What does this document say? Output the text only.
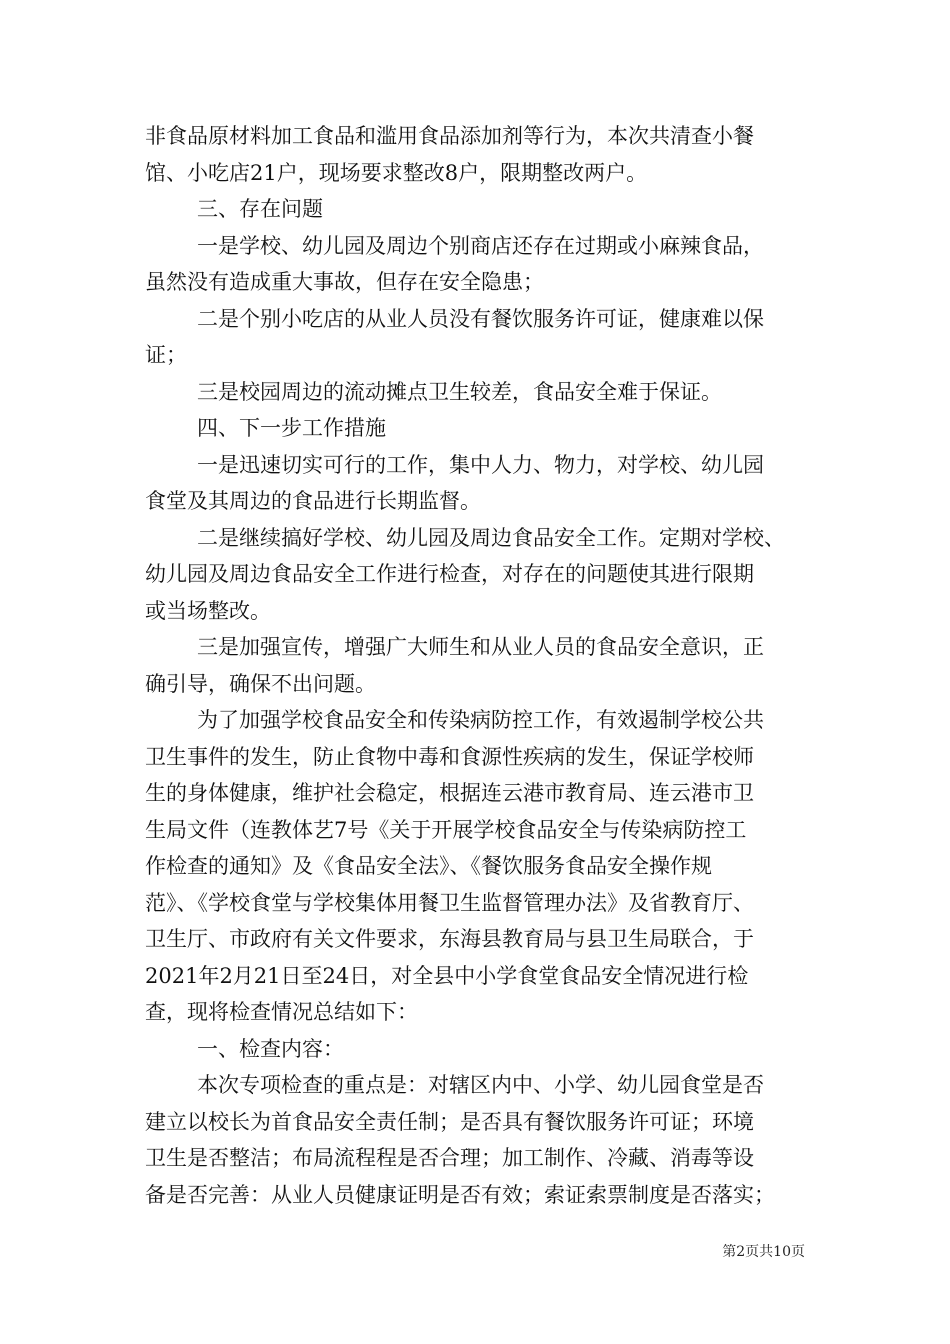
非食品原材料加工食品和滥用食品添加剂等行为，本次共清查小餐
馆、小吃店21户，现场要求整改8户，限期整改两户。
三、存在问题
一是学校、幼儿园及周边个别商店还存在过期或小麻辣食品，
虽然没有造成重大事故，但存在安全隐患；
二是个别小吃店的从业人员没有餐饮服务许可证，健康难以保
证；
三是校园周边的流动摊点卫生较差，食品安全难于保证。
四、下一步工作措施
一是迅速切实可行的工作，集中人力、物力，对学校、幼儿园
食堂及其周边的食品进行长期监督。
二是继续搞好学校、幼儿园及周边食品安全工作。定期对学校、
幼儿园及周边食品安全工作进行检查，对存在的问题使其进行限期
或当场整改。
三是加强宣传，增强广大师生和从业人员的食品安全意识，正
确引导，确保不出问题。
为了加强学校食品安全和传染病防控工作，有效遏制学校公共
卫生事件的发生，防止食物中毒和食源性疾病的发生，保证学校师
生的身体健康，维护社会稳定，根据连云港市教育局、连云港市卫
生局文件（连教体艺7号《关于开展学校食品安全与传染病防控工
作检查的通知》及《食品安全法》、《餐饮服务食品安全操作规
范》、《学校食堂与学校集体用餐卫生监督管理办法》及省教育厅、
卫生厅、市政府有关文件要求，东海县教育局与县卫生局联合，于
2021年2月21日至24日，对全县中小学食堂食品安全情况进行检
查，现将检查情况总结如下：
一、检查内容：
本次专项检查的重点是：对辖区内中、小学、幼儿园食堂是否
建立以校长为首食品安全责任制；是否具有餐饮服务许可证；环境
卫生是否整洁；布局流程程是否合理；加工制作、冷藏、消毒等设
备是否完善：从业人员健康证明是否有效；索证索票制度是否落实；
第2页共10页
